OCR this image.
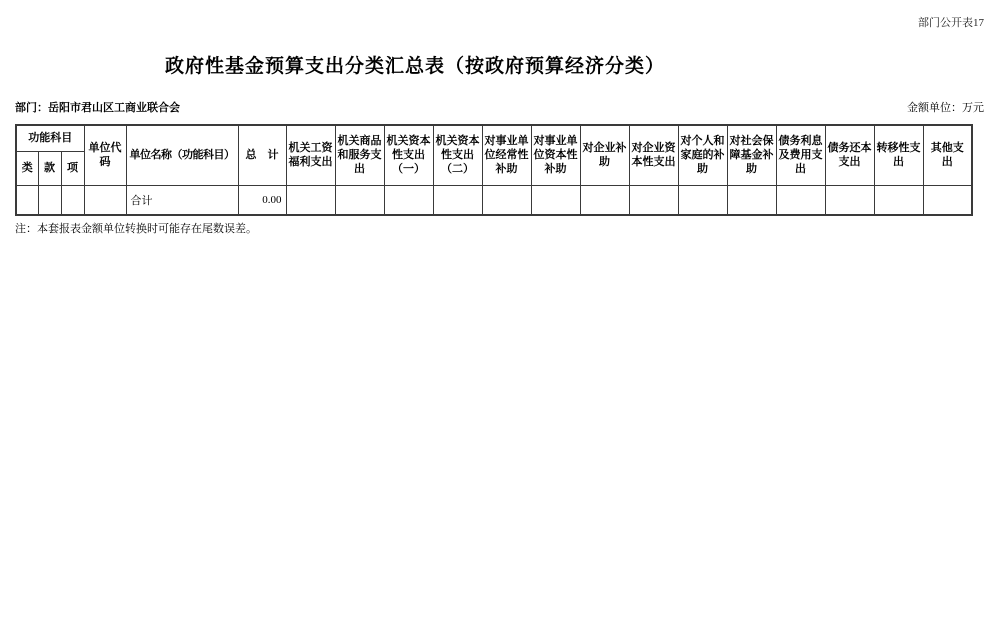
部门公开表17
政府性基金预算支出分类汇总表（按政府预算经济分类）
部门：岳阳市君山区工商业联合会	金额单位：万元
功能科目			单位代码	单位名称（功能科目）	总　计	机关工资福利支出	机关商品和服务支出	机关资本性支出（一）	机关资本性支出（二）	对事业单位经常性补助	对事业单位资本性补助	对企业补助	对企业资本性支出	对个人和家庭的补助	对社会保障基金补助	债务利息及费用支出	债务还本支出	转移性支出	其他支出
类	款	项																	
				合计	0.00														
注：本套报表金额单位转换时可能存在尾数误差。
